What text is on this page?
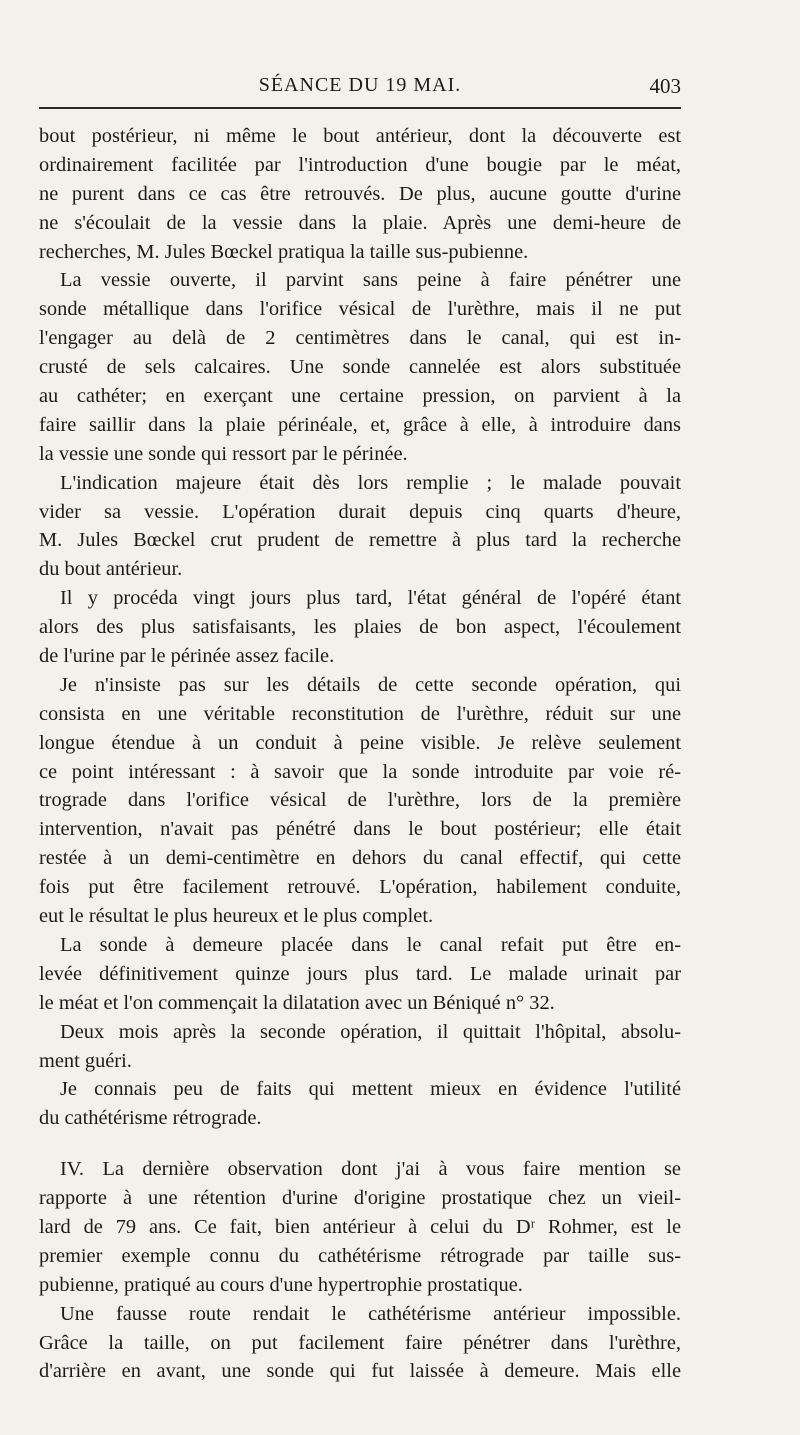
SÉANCE DU 19 MAI.	403
bout postérieur, ni même le bout antérieur, dont la découverte est
ordinairement facilitée par l'introduction d'une bougie par le méat,
ne purent dans ce cas être retrouvés. De plus, aucune goutte d'urine
ne s'écoulait de la vessie dans la plaie. Après une demi-heure de
recherches, M. Jules Bœckel pratiqua la taille sus-pubienne.
La vessie ouverte, il parvint sans peine à faire pénétrer une
sonde métallique dans l'orifice vésical de l'urèthre, mais il ne put
l'engager au delà de 2 centimètres dans le canal, qui est in-
crusté de sels calcaires. Une sonde cannelée est alors substituée
au cathéter; en exerçant une certaine pression, on parvient à la
faire saillir dans la plaie périnéale, et, grâce à elle, à introduire dans
la vessie une sonde qui ressort par le périnée.
L'indication majeure était dès lors remplie ; le malade pouvait
vider sa vessie. L'opération durait depuis cinq quarts d'heure,
M. Jules Bœckel crut prudent de remettre à plus tard la recherche
du bout antérieur.
Il y procéda vingt jours plus tard, l'état général de l'opéré étant
alors des plus satisfaisants, les plaies de bon aspect, l'écoulement
de l'urine par le périnée assez facile.
Je n'insiste pas sur les détails de cette seconde opération, qui
consista en une véritable reconstitution de l'urèthre, réduit sur une
longue étendue à un conduit à peine visible. Je relève seulement
ce point intéressant : à savoir que la sonde introduite par voie ré-
trograde dans l'orifice vésical de l'urèthre, lors de la première
intervention, n'avait pas pénétré dans le bout postérieur; elle était
restée à un demi-centimètre en dehors du canal effectif, qui cette
fois put être facilement retrouvé. L'opération, habilement conduite,
eut le résultat le plus heureux et le plus complet.
La sonde à demeure placée dans le canal refait put être en-
levée définitivement quinze jours plus tard. Le malade urinait par
le méat et l'on commençait la dilatation avec un Béniqué n° 32.
Deux mois après la seconde opération, il quittait l'hôpital, absolu-
ment guéri.
Je connais peu de faits qui mettent mieux en évidence l'utilité
du cathétérisme rétrograde.
IV. La dernière observation dont j'ai à vous faire mention se
rapporte à une rétention d'urine d'origine prostatique chez un vieil-
lard de 79 ans. Ce fait, bien antérieur à celui du Dʳ Rohmer, est le
premier exemple connu du cathétérisme rétrograde par taille sus-
pubienne, pratiqué au cours d'une hypertrophie prostatique.
Une fausse route rendait le cathétérisme antérieur impossible.
Grâce la taille, on put facilement faire pénétrer dans l'urèthre,
d'arrière en avant, une sonde qui fut laissée à demeure. Mais elle
